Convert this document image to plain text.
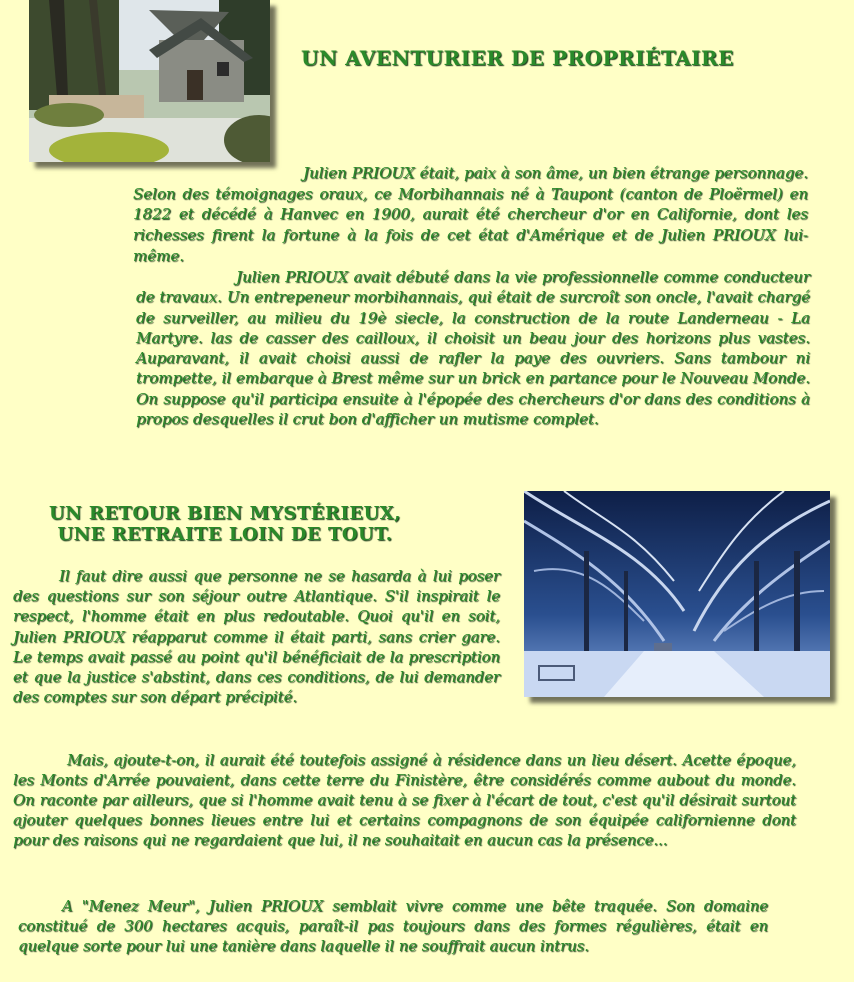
UN AVENTURIER DE PROPRIÉTAIRE

Julien PRIOUX était, paix à son âme, un bien étrange personnage. Selon des témoignages oraux, ce Morbihannais né à Taupont (canton de Ploërmel) en 1822 et décédé à Hanvec en 1900, aurait été chercheur d'or en Californie, dont les richesses firent la fortune à la fois de cet état d'Amérique et de Julien PRIOUX lui-même.

Julien PRIOUX avait débuté dans la vie professionnelle comme conducteur de travaux. Un entrepeneur morbihannais, qui était de surcroît son oncle, l'avait chargé de surveiller, au milieu du 19è siecle, la construction de la route Landerneau - La Martyre. las de casser des cailloux, il choisit un beau jour des horizons plus vastes. Auparavant, il avait choisi aussi de rafler la paye des ouvriers. Sans tambour ni trompette, il embarque à Brest même sur un brick en partance pour le Nouveau Monde. On suppose qu'il participa ensuite à l'épopée des chercheurs d'or dans des conditions à propos desquelles il crut bon d'afficher un mutisme complet.

UN RETOUR BIEN MYSTÉRIEUX,
UNE RETRAITE LOIN DE TOUT.

Il faut dire aussi que personne ne se hasarda à lui poser des questions sur son séjour outre Atlantique. S'il inspirait le respect, l'homme était en plus redoutable. Quoi qu'il en soit, Julien PRIOUX réapparut comme il était parti, sans crier gare. Le temps avait passé au point qu'il bénéficiait de la prescription et que la justice s'abstint, dans ces conditions, de lui demander des comptes sur son départ précipité.

Mais, ajoute-t-on, il aurait été toutefois assigné à résidence dans un lieu désert. Acette époque, les Monts d'Arrée pouvaient, dans cette terre du Finistère, être considérés comme aubout du monde. On raconte par ailleurs, que si l'homme avait tenu à se fixer à l'écart de tout, c'est qu'il désirait surtout ajouter quelques bonnes lieues entre lui et certains compagnons de son équipée californienne dont pour des raisons qui ne regardaient que lui, il ne souhaitait en aucun cas la présence...

A "Menez Meur", Julien PRIOUX semblait vivre comme une bête traquée. Son domaine constitué de 300 hectares acquis, paraît-il pas toujours dans des formes régulières, était en quelque sorte pour lui une tanière dans laquelle il ne souffrait aucun intrus.
